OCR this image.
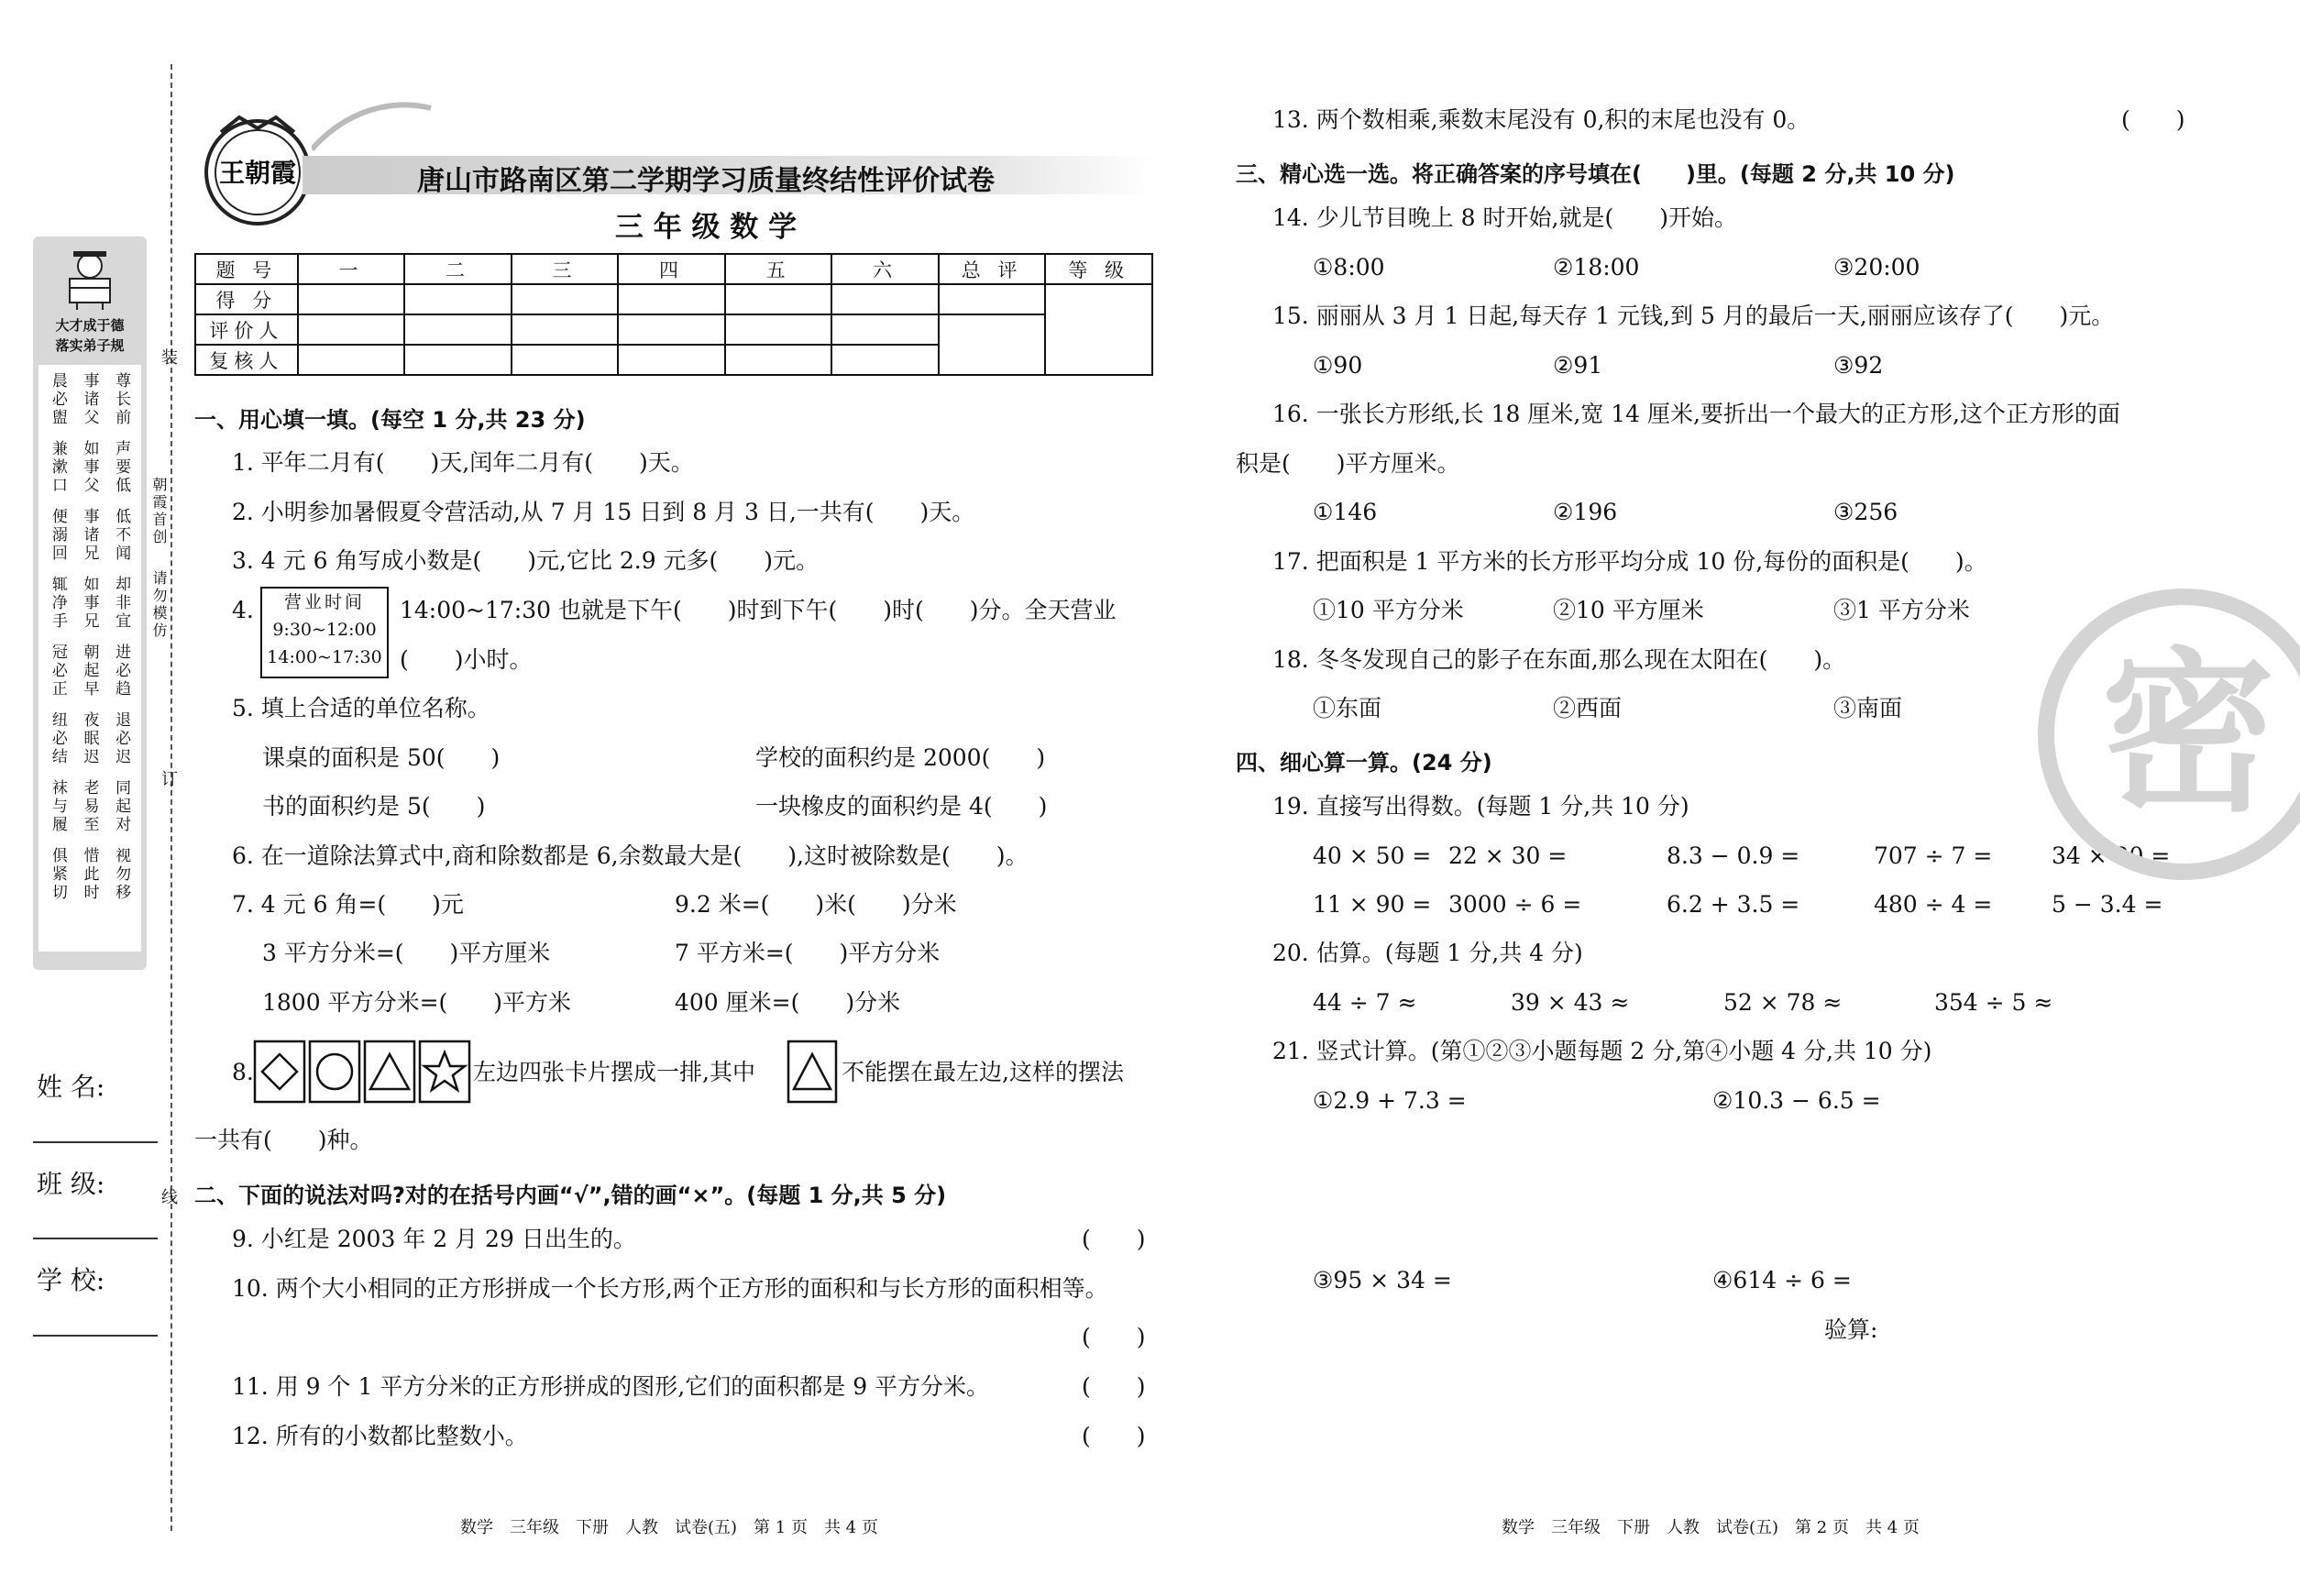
大才成于德
落实弟子规
晨必盥 事诸父 尊长前
兼漱口 如事父 声要低
便溺回 事诸兄 低不闻
辄净手 如事兄 却非宜
冠必正 朝起早 进必趋
纽必结 夜眠迟 退必迟
袜与履 老易至 同起对
俱紧切 惜此时 视勿移
装
订
线
朝霞首创
请勿模仿
姓 名:
班 级:
学 校:
王朝霞	唐山市路南区第二学期学习质量终结性评价试卷
三 年 级 数 学
题 号	一	二	三	四	五	六	总 评	等 级
得 分								
评价人								
复核人								
一、用心填一填。(每空 1 分,共 23 分)
1. 平年二月有(　　)天,闰年二月有(　　)天。
2. 小明参加暑假夏令营活动,从 7 月 15 日到 8 月 3 日,一共有(　　)天。
3. 4 元 6 角写成小数是(　　)元,它比 2.9 元多(　　)元。
4.	营业时间
9:30~12:00
14:00~17:30
14:00~17:30 也就是下午(　　)时到下午(　　)时(　　)分。全天营业
(　　)小时。
5. 填上合适的单位名称。
课桌的面积是 50(　　)	学校的面积约是 2000(　　)
书的面积约是 5(　　)	一块橡皮的面积约是 4(　　)
6. 在一道除法算式中,商和除数都是 6,余数最大是(　　),这时被除数是(　　)。
7. 4 元 6 角=(　　)元	9.2 米=(　　)米(　　)分米
3 平方分米=(　　)平方厘米	7 平方米=(　　)平方分米
1800 平方分米=(　　)平方米	400 厘米=(　　)分米
8.	左边四张卡片摆成一排,其中	不能摆在最左边,这样的摆法
一共有(　　)种。
二、下面的说法对吗?对的在括号内画“√”,错的画“×”。(每题 1 分,共 5 分)
9. 小红是 2003 年 2 月 29 日出生的。	(　　)
10. 两个大小相同的正方形拼成一个长方形,两个正方形的面积和与长方形的面积相等。
(　　)
11. 用 9 个 1 平方分米的正方形拼成的图形,它们的面积都是 9 平方分米。	(　　)
12. 所有的小数都比整数小。	(　　)
数学　三年级　下册　人教　试卷(五)　第 1 页　共 4 页
13. 两个数相乘,乘数末尾没有 0,积的末尾也没有 0。	(　　)
三、精心选一选。将正确答案的序号填在(　　)里。(每题 2 分,共 10 分)
14. 少儿节目晚上 8 时开始,就是(　　)开始。
①8:00	②18:00	③20:00
15. 丽丽从 3 月 1 日起,每天存 1 元钱,到 5 月的最后一天,丽丽应该存了(　　)元。
①90	②91	③92
16. 一张长方形纸,长 18 厘米,宽 14 厘米,要折出一个最大的正方形,这个正方形的面
积是(　　)平方厘米。
①146	②196	③256
17. 把面积是 1 平方米的长方形平均分成 10 份,每份的面积是(　　)。
①10 平方分米	②10 平方厘米	③1 平方分米
18. 冬冬发现自己的影子在东面,那么现在太阳在(　　)。
①东面	②西面	③南面
四、细心算一算。(24 分)
19. 直接写出得数。(每题 1 分,共 10 分)
40 × 50 = 22 × 30 =	8.3 − 0.9 =	707 ÷ 7 =	34 × 20 =
11 × 90 = 3000 ÷ 6 =	6.2 + 3.5 =	480 ÷ 4 =	5 − 3.4 =
20. 估算。(每题 1 分,共 4 分)
44 ÷ 7 ≈	39 × 43 ≈	52 × 78 ≈	354 ÷ 5 ≈
21. 竖式计算。(第①②③小题每题 2 分,第④小题 4 分,共 10 分)
①2.9 + 7.3 =	②10.3 − 6.5 =
③95 × 34 =	④614 ÷ 6 =
验算:
数学　三年级　下册　人教　试卷(五)　第 2 页　共 4 页
密
